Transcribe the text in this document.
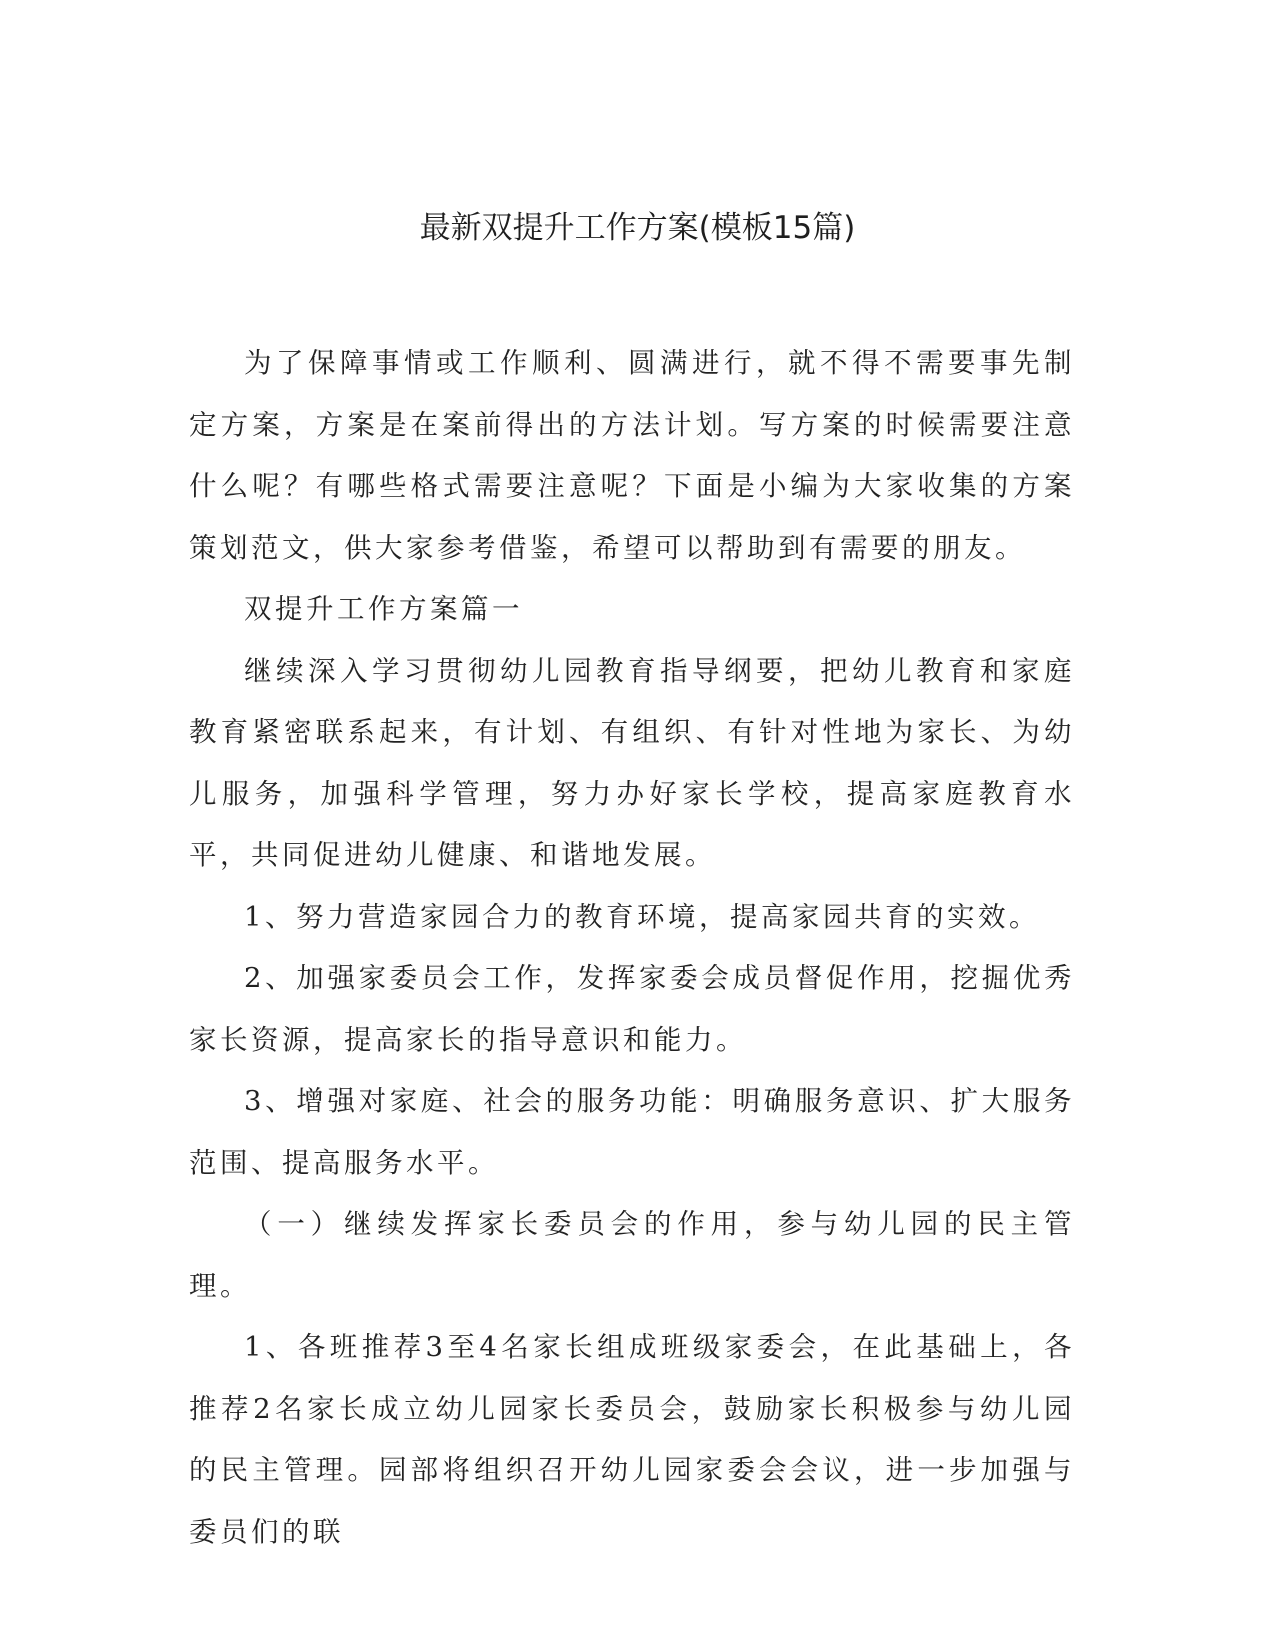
最新双提升工作方案(模板15篇)

为了保障事情或工作顺利、圆满进行，就不得不需要事先制定方案，方案是在案前得出的方法计划。写方案的时候需要注意什么呢？有哪些格式需要注意呢？下面是小编为大家收集的方案策划范文，供大家参考借鉴，希望可以帮助到有需要的朋友。

双提升工作方案篇一

继续深入学习贯彻幼儿园教育指导纲要，把幼儿教育和家庭教育紧密联系起来，有计划、有组织、有针对性地为家长、为幼儿服务，加强科学管理，努力办好家长学校，提高家庭教育水平，共同促进幼儿健康、和谐地发展。

1、努力营造家园合力的教育环境，提高家园共育的实效。

2、加强家委员会工作，发挥家委会成员督促作用，挖掘优秀家长资源，提高家长的指导意识和能力。

3、增强对家庭、社会的服务功能：明确服务意识、扩大服务范围、提高服务水平。

（一）继续发挥家长委员会的作用，参与幼儿园的民主管理。

1、各班推荐3至4名家长组成班级家委会，在此基础上，各推荐2名家长成立幼儿园家长委员会，鼓励家长积极参与幼儿园的民主管理。园部将组织召开幼儿园家委会会议，进一步加强与委员们的联
